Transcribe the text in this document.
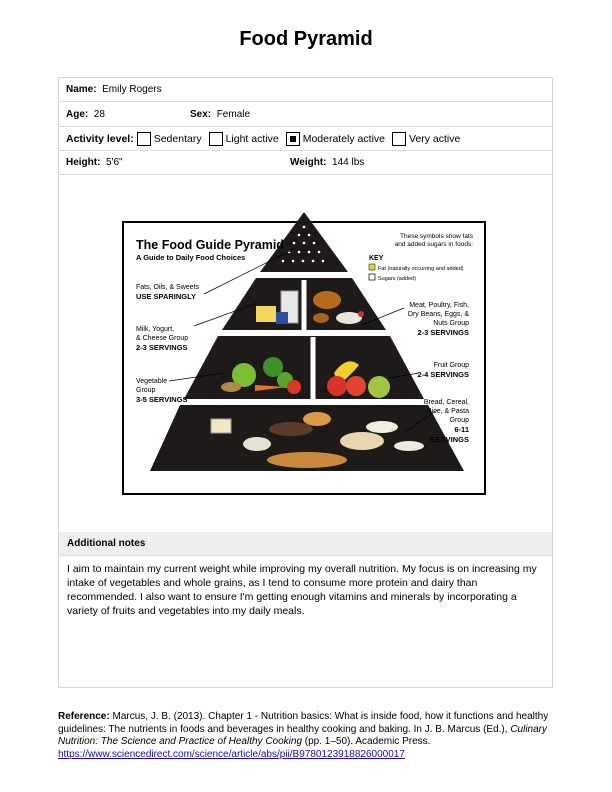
Food Pyramid
Name:
Emily Rogers
Age:
28	Sex:
Female
Activity level: Sedentary Light active Moderately active Very active
Height:
5'6"	Weight:
144 lbs
The Food Guide Pyramid
A Guide to Daily Food Choices
Fats, Oils, & Sweets
USE SPARINGLY
Milk, Yogurt,
& Cheese Group
2-3 SERVINGS
Vegetable
Group
3-5 SERVINGS
These symbols show fats
and added sugars in foods:
KEY
Fat (naturally occurring and added)
Sugars (added)
Meat, Poultry, Fish,
Dry Beans, Eggs, &
Nuts Group
2-3 SERVINGS
Fruit Group
2-4 SERVINGS
Bread, Cereal,
Rice, & Pasta
Group
6-11
SERVINGS
Source: U.S. Department of Agriculture/U.S Dept. Health and Human Services
Additional notes
I aim to maintain my current weight while improving my overall nutrition. My focus is on increasing my intake of vegetables and whole grains, as I tend to consume more protein and dairy than recommended. I also want to ensure I'm getting enough vitamins and minerals by incorporating a variety of fruits and vegetables into my daily meals.
Reference: Marcus, J. B. (2013). Chapter 1 - Nutrition basics: What is inside food, how it functions and healthy guidelines: The nutrients in foods and beverages in healthy cooking and baking. In J. B. Marcus (Ed.), Culinary Nutrition: The Science and Practice of Healthy Cooking (pp. 1–50). Academic Press. https://www.sciencedirect.com/science/article/abs/pii/B9780123918826000017
